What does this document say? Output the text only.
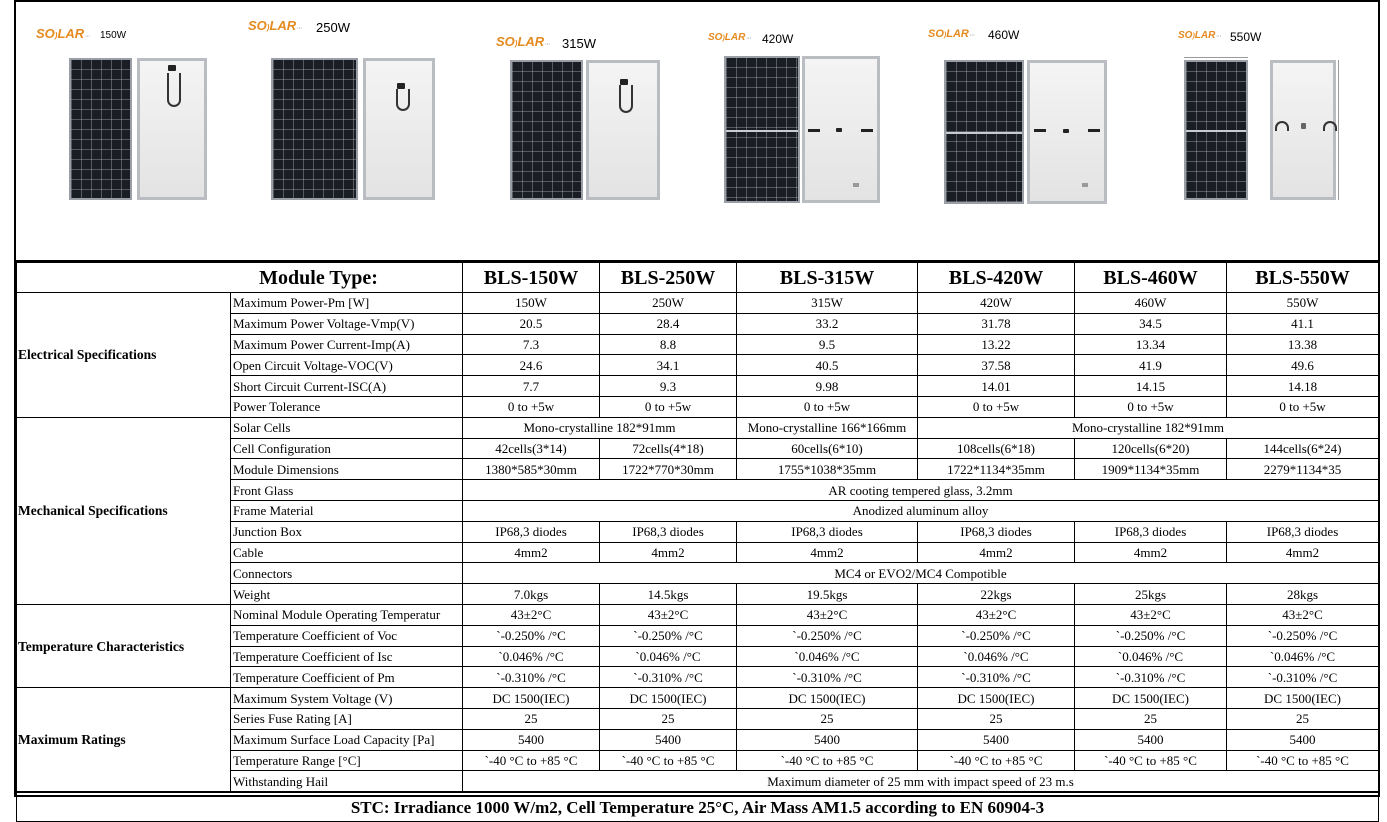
SO)LAR··· 150W
SO)LAR··· 250W
SO)LAR··· 315W	SO)LAR··· 420W	SO)LAR··· 460W	SO)LAR··· 550W
Module Type:		BLS-150W	BLS-250W	BLS-315W	BLS-420W	BLS-460W	BLS-550W
Electrical Specifications	Maximum Power-Pm [W]	150W	250W	315W	420W	460W	550W
	Maximum Power Voltage-Vmp(V)	20.5	28.4	33.2	31.78	34.5	41.1
	Maximum Power Current-Imp(A)	7.3	8.8	9.5	13.22	13.34	13.38
	Open Circuit Voltage-VOC(V)	24.6	34.1	40.5	37.58	41.9	49.6
	Short Circuit Current-ISC(A)	7.7	9.3	9.98	14.01	14.15	14.18
	Power Tolerance	0 to +5w	0 to +5w	0 to +5w	0 to +5w	0 to +5w	0 to +5w
Mechanical Specifications	Solar Cells	Mono-crystalline 182*91mm		Mono-crystalline 166*166mm	Mono-crystalline 182*91mm		
	Cell Configuration	42cells(3*14)	72cells(4*18)	60cells(6*10)	108cells(6*18)	120cells(6*20)	144cells(6*24)
	Module Dimensions	1380*585*30mm	1722*770*30mm	1755*1038*35mm	1722*1134*35mm	1909*1134*35mm	2279*1134*35
	Front Glass	AR cooting tempered glass, 3.2mm					
	Frame Material	Anodized aluminum alloy					
	Junction Box	IP68,3 diodes	IP68,3 diodes	IP68,3 diodes	IP68,3 diodes	IP68,3 diodes	IP68,3 diodes
	Cable	4mm2	4mm2	4mm2	4mm2	4mm2	4mm2
	Connectors	MC4 or EVO2/MC4 Compotible					
	Weight	7.0kgs	14.5kgs	19.5kgs	22kgs	25kgs	28kgs
Temperature Characteristics	Nominal Module Operating Temperatur	43±2°C	43±2°C	43±2°C	43±2°C	43±2°C	43±2°C
	Temperature Coefficient of Voc	`-0.250% /°C	`-0.250% /°C	`-0.250% /°C	`-0.250% /°C	`-0.250% /°C	`-0.250% /°C
	Temperature Coefficient of Isc	`0.046% /°C	`0.046% /°C	`0.046% /°C	`0.046% /°C	`0.046% /°C	`0.046% /°C
	Temperature Coefficient of Pm	`-0.310% /°C	`-0.310% /°C	`-0.310% /°C	`-0.310% /°C	`-0.310% /°C	`-0.310% /°C
Maximum Ratings	Maximum System Voltage (V)	DC 1500(IEC)	DC 1500(IEC)	DC 1500(IEC)	DC 1500(IEC)	DC 1500(IEC)	DC 1500(IEC)
	Series Fuse Rating [A]	25	25	25	25	25	25
	Maximum Surface Load Capacity [Pa]	5400	5400	5400	5400	5400	5400
	Temperature Range [°C]	`-40 °C to +85 °C	`-40 °C to +85 °C	`-40 °C to +85 °C	`-40 °C to +85 °C	`-40 °C to +85 °C	`-40 °C to +85 °C
	Withstanding Hail	Maximum diameter of 25 mm with impact speed of 23 m.s					
STC: Irradiance 1000 W/m2, Cell Temperature 25°C, Air Mass AM1.5 according to EN 60904-3							
